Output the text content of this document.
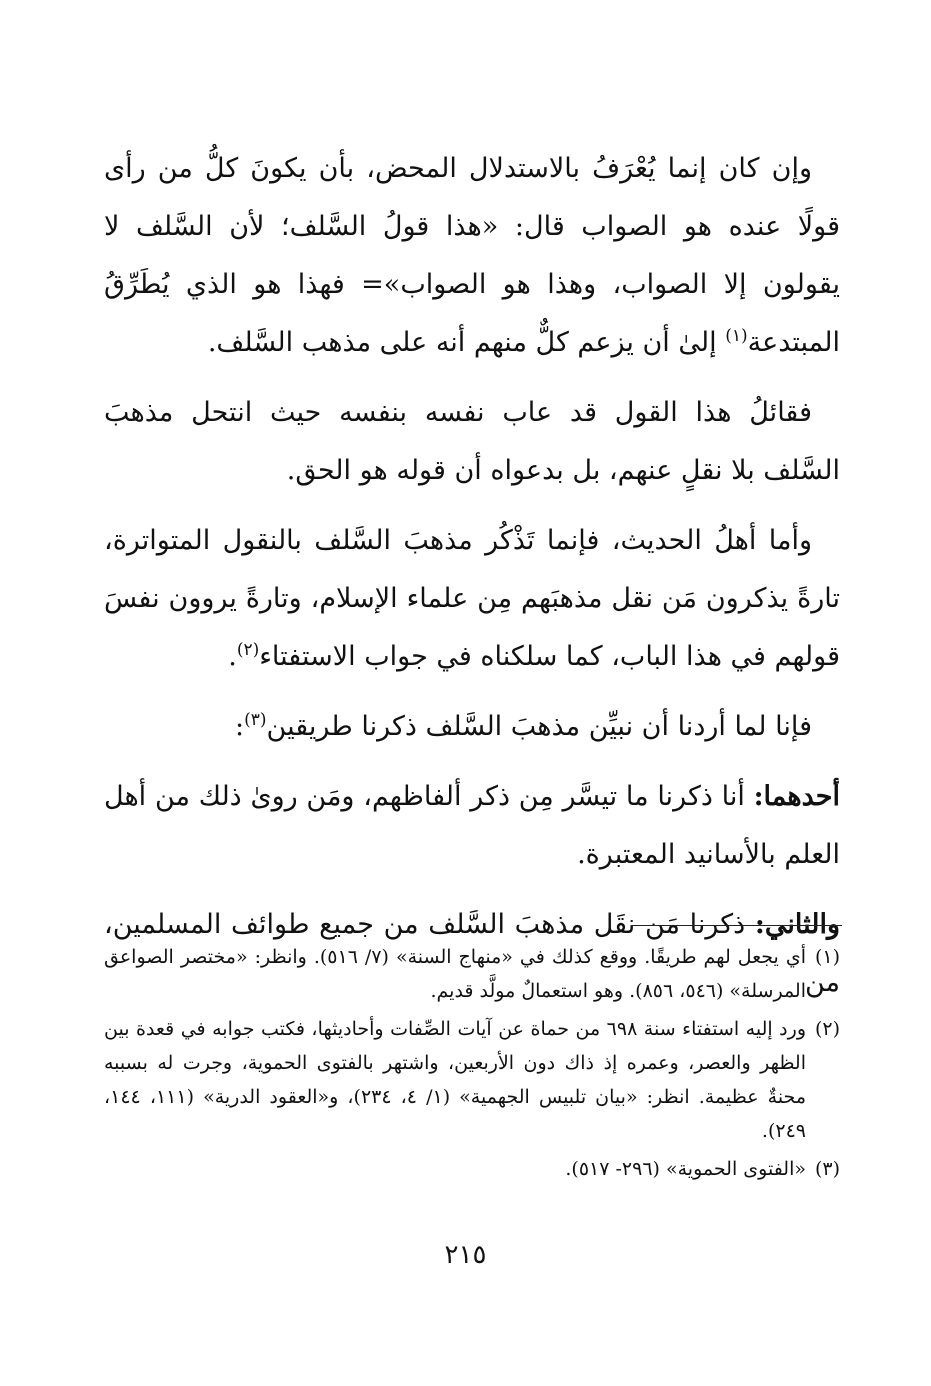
وإن كان إنما يُعْرَفُ بالاستدلال المحض، بأن يكونَ كلُّ من رأى قولًا عنده هو الصواب قال: «هذا قولُ السَّلف؛ لأن السَّلف لا يقولون إلا الصواب، وهذا هو الصواب»= فهذا هو الذي يُطَرِّقُ المبتدعة$^{(١)}$ إلىٰ أن يزعم كلٌّ منهم أنه على مذهب السَّلف.

فقائلُ هذا القول قد عاب نفسه بنفسه حيث انتحل مذهبَ السَّلف بلا نقلٍ عنهم، بل بدعواه أن قوله هو الحق.

وأما أهلُ الحديث، فإنما تَذْكُر مذهبَ السَّلف بالنقول المتواترة، تارةً يذكرون مَن نقل مذهبَهم مِن علماء الإسلام، وتارةً يروون نفسَ قولهم في هذا الباب، كما سلكناه في جواب الاستفتاء$^{(٢)}$.

فإنا لما أردنا أن نبيِّن مذهبَ السَّلف ذكرنا طريقين$^{(٣)}$:

أحدهما: أنا ذكرنا ما تيسَّر مِن ذكر ألفاظهم، ومَن روىٰ ذلك من أهل العلم بالأسانيد المعتبرة.

والثاني: ذكرنا مَن نقَل مذهبَ السَّلف من جميع طوائف المسلمين، من

(١)
أي يجعل لهم طريقًا. ووقع كذلك في «منهاج السنة» (٧/ ٥١٦). وانظر: «مختصر الصواعق المرسلة» (٥٤٦، ٨٥٦). وهو استعمالٌ مولَّد قديم.
(٢)
ورد إليه استفتاء سنة ٦٩٨ من حماة عن آيات الصِّفات وأحاديثها، فكتب جوابه في قعدة بين الظهر والعصر، وعمره إذ ذاك دون الأربعين، واشتهر بالفتوى الحموية، وجرت له بسببه محنةٌ عظيمة. انظر: «بيان تلبيس الجهمية» (١/ ٤، ٢٣٤)، و«العقود الدرية» (١١١، ١٤٤، ٢٤٩).
(٣)
«الفتوى الحموية» (٢٩٦- ٥١٧).
٢١٥
